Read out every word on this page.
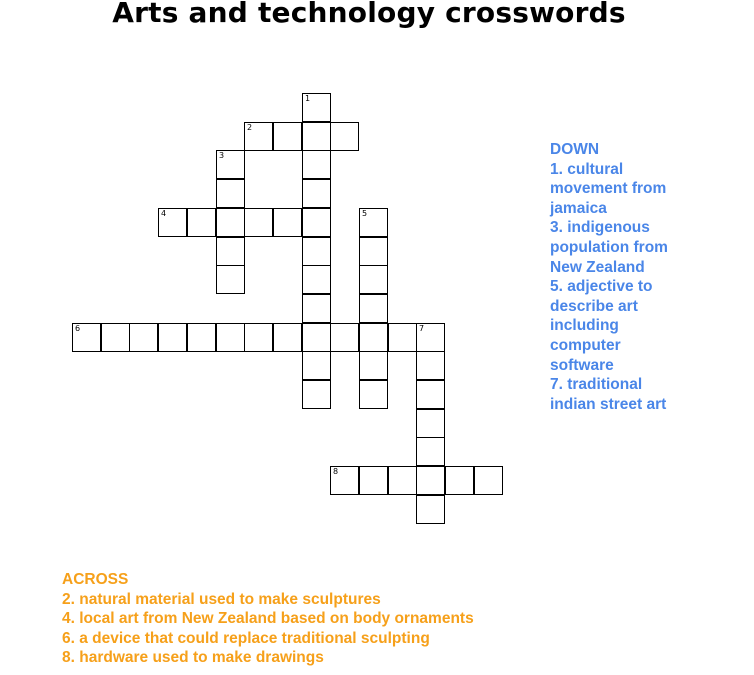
Arts and technology crosswords
1
2
3
4	5
6	7
8
DOWN
1. cultural movement from jamaica
3. indigenous population from New Zealand
5. adjective to describe art including computer software
7. traditional indian street art
ACROSS
2. natural material used to make sculptures
4. local art from New Zealand based on body ornaments
6. a device that could replace traditional sculpting
8. hardware used to make drawings
